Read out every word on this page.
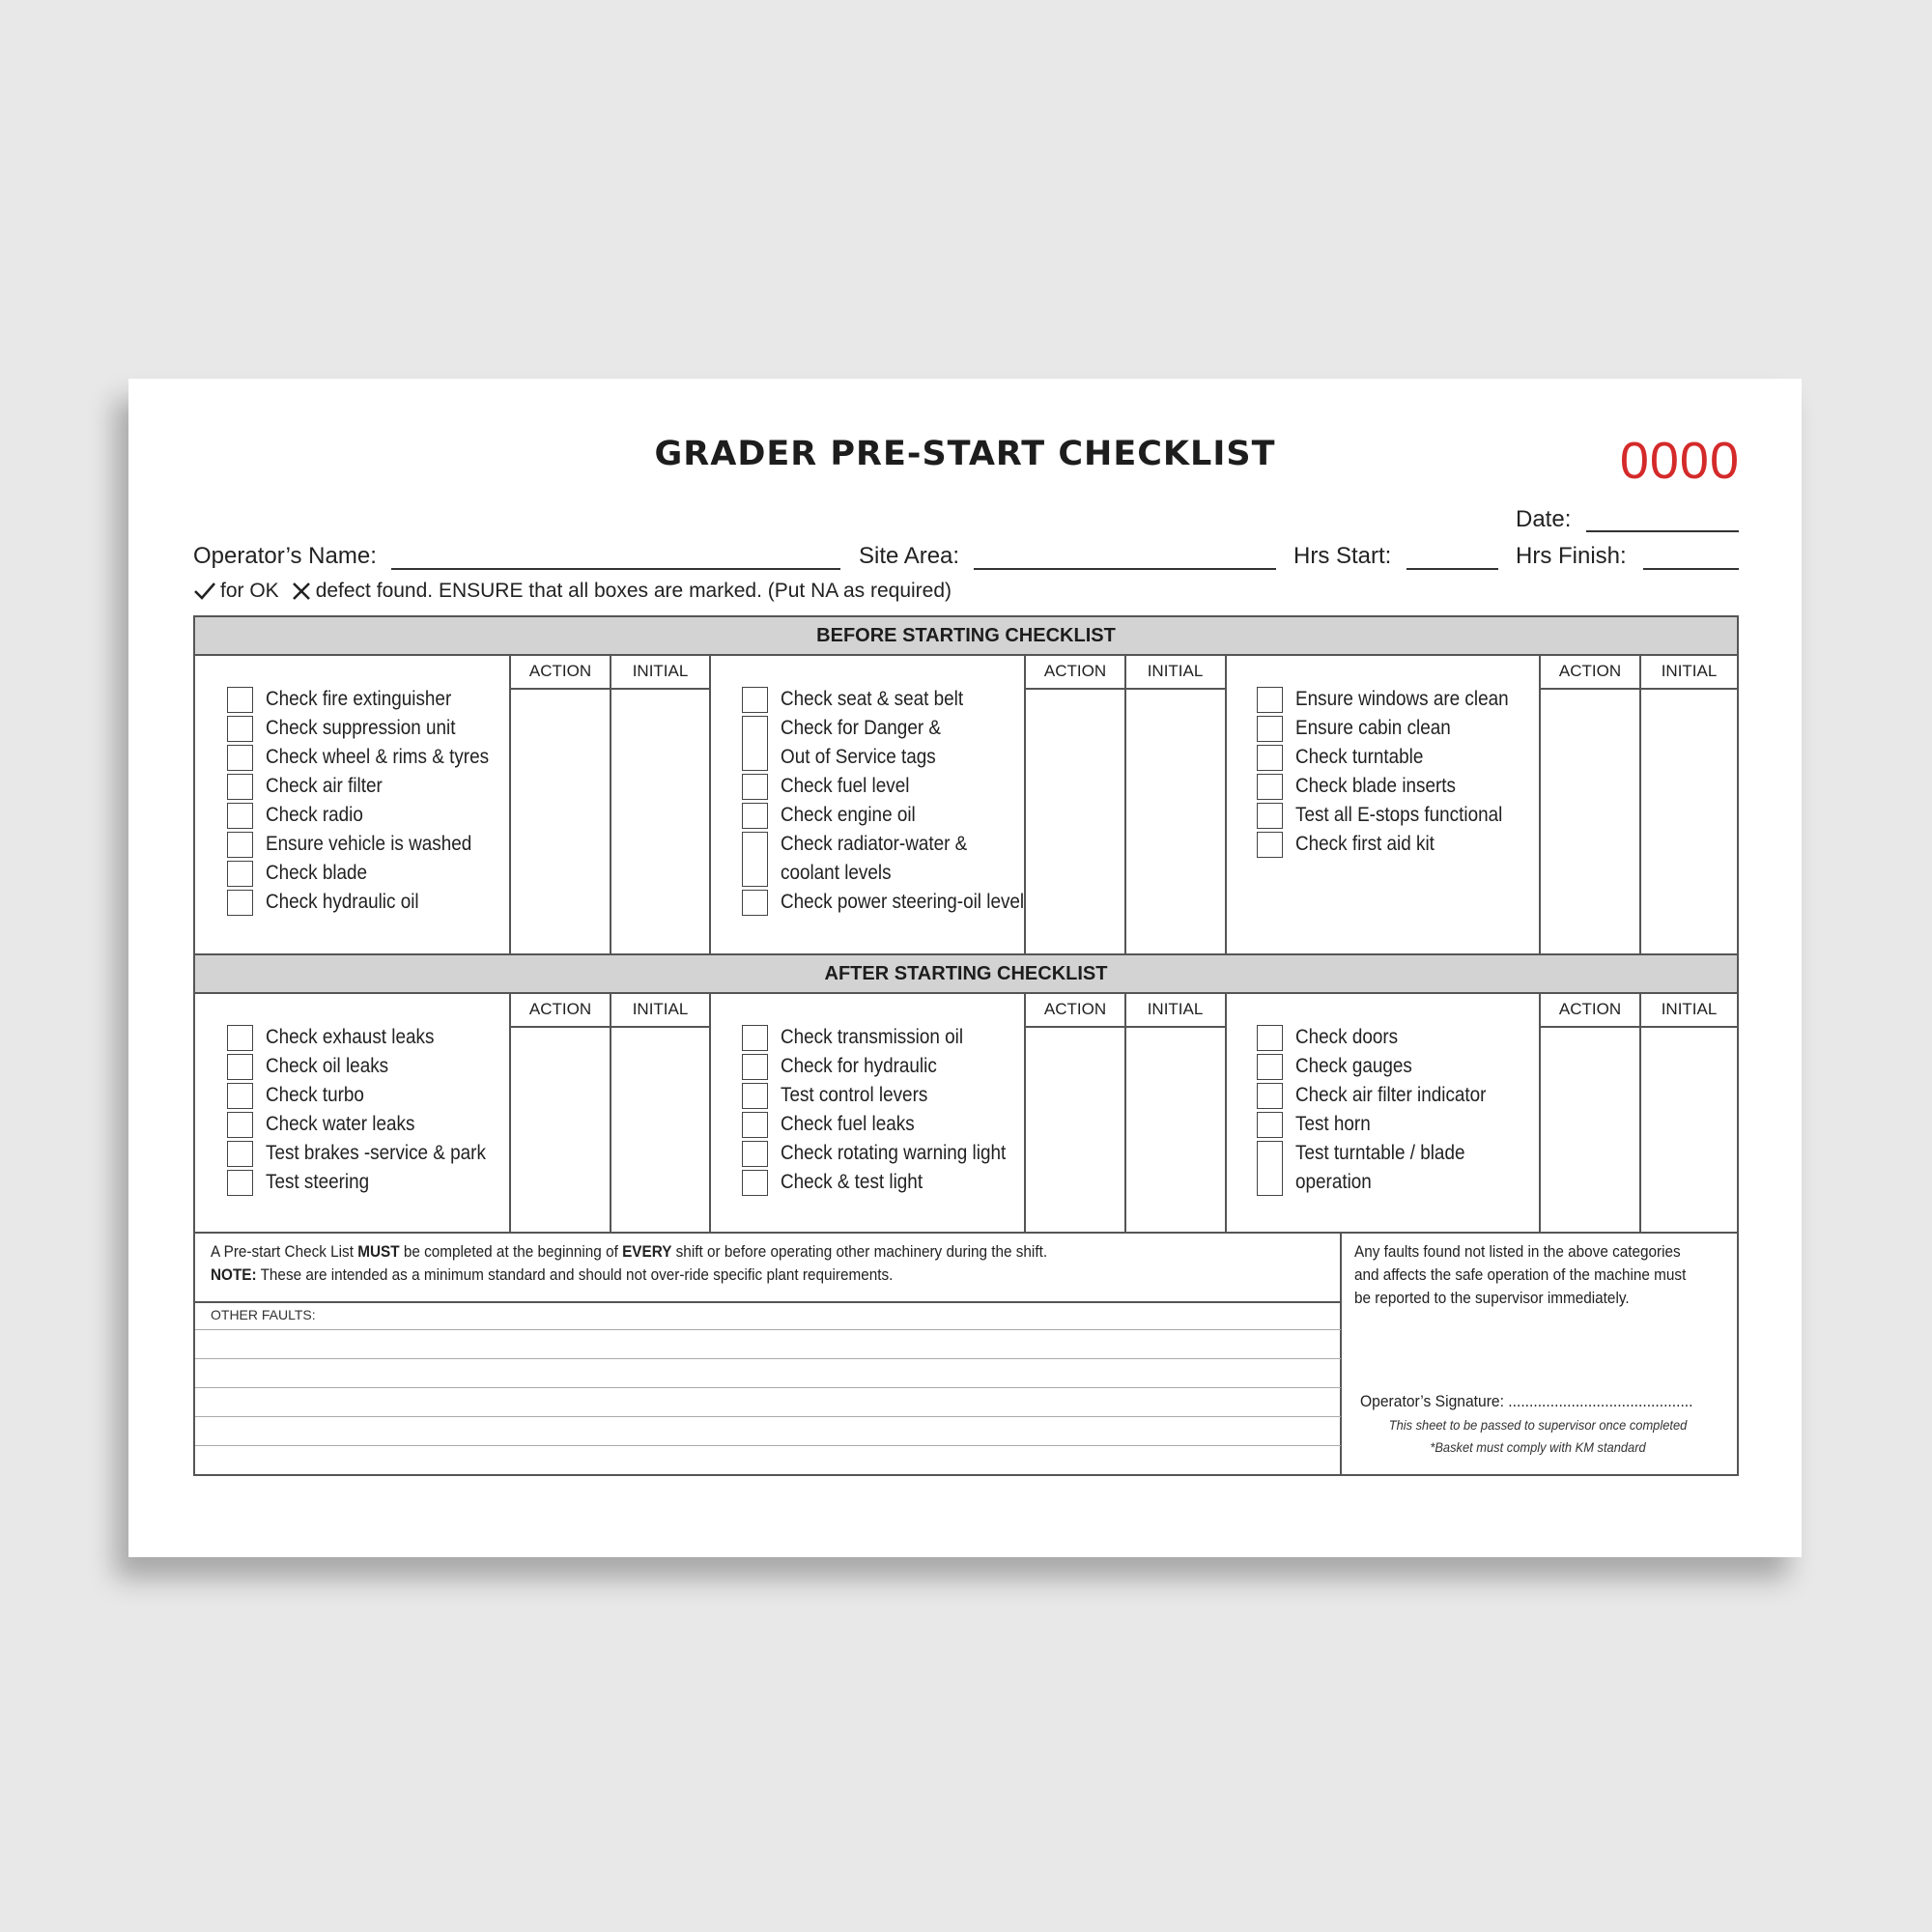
GRADER PRE-START CHECKLIST	0000
Date:
Operator’s Name:	Site Area:	Hrs Start:	Hrs Finish:
for OK defect found. ENSURE that all boxes are marked. (Put NA as required)
BEFORE STARTING CHECKLIST
ACTION	INITIAL	ACTION	INITIAL	ACTION	INITIAL
Check fire extinguisher
Check suppression unit
Check wheel & rims & tyres
Check air filter
Check radio
Ensure vehicle is washed
Check blade
Check hydraulic oil
Check seat & seat belt
Check for Danger &
Out of Service tags
Check fuel level
Check engine oil
Check radiator-water &
coolant levels
Check power steering-oil level
Ensure windows are clean
Ensure cabin clean
Check turntable
Check blade inserts
Test all E-stops functional
Check first aid kit
AFTER STARTING CHECKLIST
ACTION	INITIAL	ACTION	INITIAL	ACTION	INITIAL
Check exhaust leaks
Check oil leaks
Check turbo
Check water leaks
Test brakes -service & park
Test steering
Check transmission oil
Check for hydraulic
Test control levers
Check fuel leaks
Check rotating warning light
Check & test light
Check doors
Check gauges
Check air filter indicator
Test horn
Test turntable / blade
operation
A Pre-start Check List MUST be completed at the beginning of EVERY shift or before operating other machinery during the shift.
NOTE: These are intended as a minimum standard and should not over-ride specific plant requirements.
OTHER FAULTS:
Any faults found not listed in the above categories
and affects the safe operation of the machine must
be reported to the supervisor immediately.
Operator’s Signature: ............................................
This sheet to be passed to supervisor once completed
*Basket must comply with KM standard
